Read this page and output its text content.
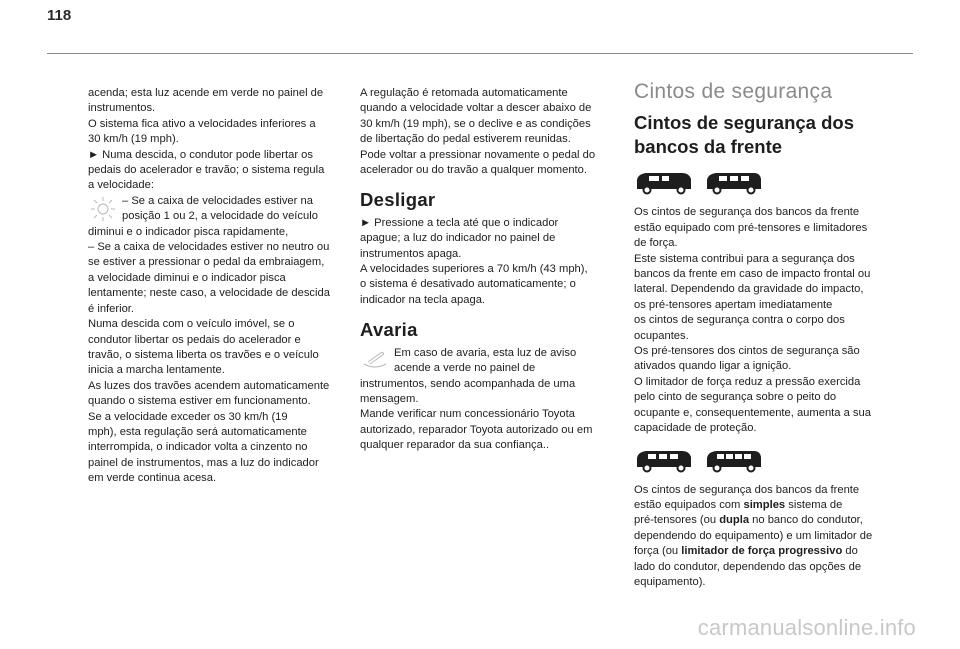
118

acenda; esta luz acende em verde no painel de

instrumentos.

O sistema fica ativo a velocidades inferiores a

30 km/h (19 mph).

► Numa descida, o condutor pode libertar os

pedais do acelerador e travão; o sistema regula

a velocidade:

– Se a caixa de velocidades estiver na

posição 1 ou 2, a velocidade do veículo

diminui e o indicador pisca rapidamente,

– Se a caixa de velocidades estiver no neutro ou

se estiver a pressionar o pedal da embraiagem,

a velocidade diminui e o indicador pisca

lentamente; neste caso, a velocidade de descida

é inferior.

Numa descida com o veículo imóvel, se o

condutor libertar os pedais do acelerador e

travão, o sistema liberta os travões e o veículo

inicia a marcha lentamente.

As luzes dos travões acendem automaticamente

quando o sistema estiver em funcionamento.

Se a velocidade exceder os 30 km/h (19

mph), esta regulação será automaticamente

interrompida, o indicador volta a cinzento no

painel de instrumentos, mas a luz do indicador

em verde continua acesa.

A regulação é retomada automaticamente

quando a velocidade voltar a descer abaixo de

30 km/h (19 mph), se o declive e as condições

de libertação do pedal estiverem reunidas.

Pode voltar a pressionar novamente o pedal do

acelerador ou do travão a qualquer momento.

Desligar

► Pressione a tecla até que o indicador

apague; a luz do indicador no painel de

instrumentos apaga.

A velocidades superiores a 70 km/h (43 mph),

o sistema é desativado automaticamente; o

indicador na tecla apaga.

Avaria

Em caso de avaria, esta luz de aviso

acende a verde no painel de

instrumentos, sendo acompanhada de uma

mensagem.

Mande verificar num concessionário Toyota

autorizado, reparador Toyota autorizado ou em

qualquer reparador da sua confiança..

Cintos de segurança
Cintos de segurança dos
bancos da frente

Os cintos de segurança dos bancos da frente

estão equipado com pré-tensores e limitadores

de força.

Este sistema contribui para a segurança dos

bancos da frente em caso de impacto frontal ou

lateral. Dependendo da gravidade do impacto,

os pré-tensores apertam imediatamente

os cintos de segurança contra o corpo dos

ocupantes.

Os pré-tensores dos cintos de segurança são

ativados quando ligar a ignição.

O limitador de força reduz a pressão exercida

pelo cinto de segurança sobre o peito do

ocupante e, consequentemente, aumenta a sua

capacidade de proteção.

Os cintos de segurança dos bancos da frente

estão equipados com simples sistema de

pré-tensores (ou dupla no banco do condutor,

dependendo do equipamento) e um limitador de

força (ou limitador de força progressivo do

lado do condutor, dependendo das opções de

equipamento).

carmanualsonline.info
